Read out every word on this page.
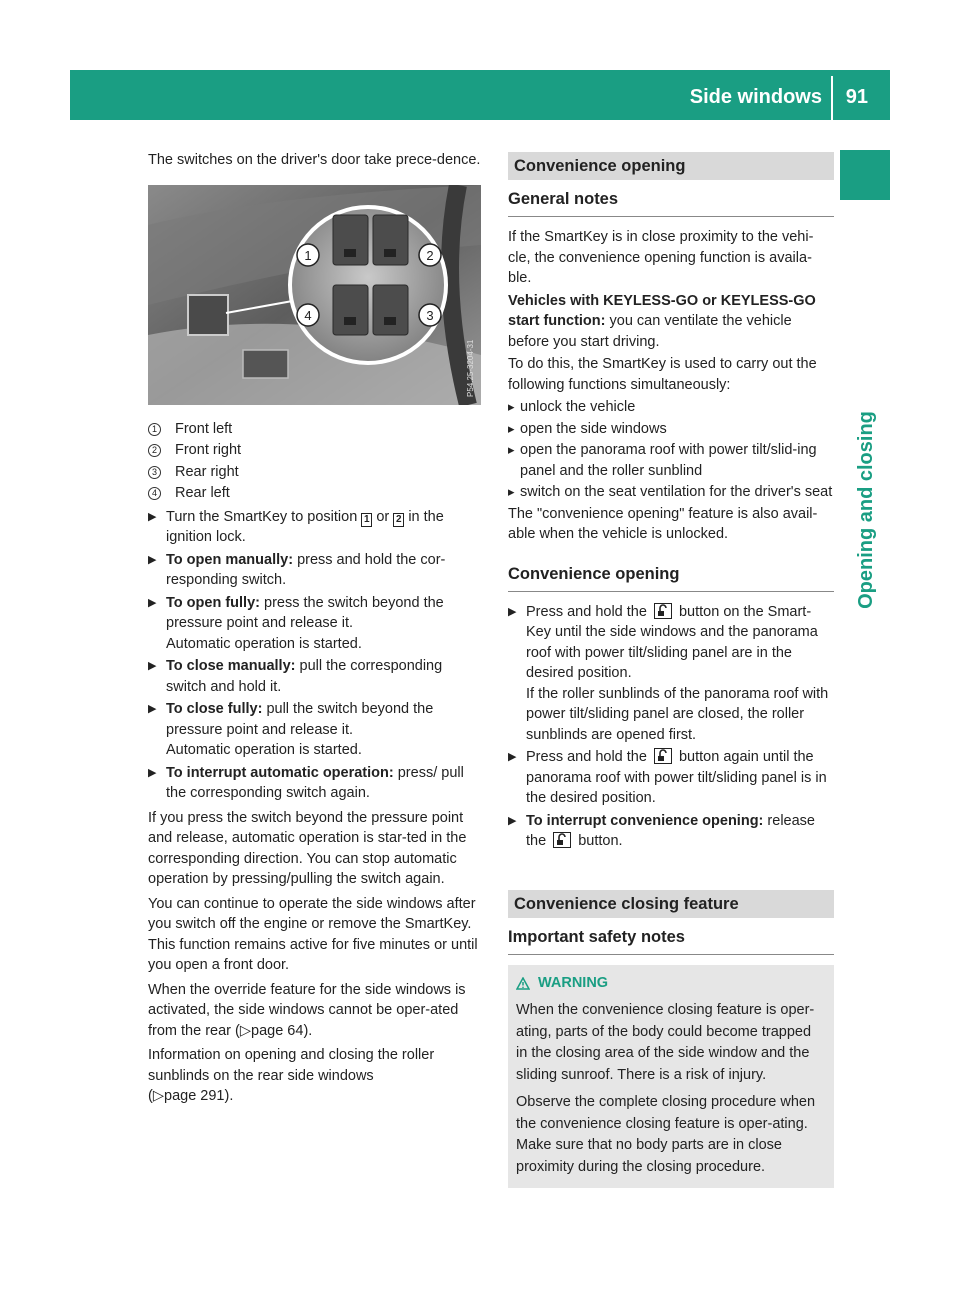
Side windows 91
Opening and closing

The switches on the driver's door take prece-dence.

1	2
3
4
P54.25-3204-31
1	Front left
2	Front right
3	Rear right
4	Rear left
▶ Turn the SmartKey to position 1 or 2 in the ignition lock.
▶ To open manually: press and hold the cor-responding switch.
▶ To open fully: press the switch beyond the pressure point and release it.
Automatic operation is started.
▶ To close manually: pull the corresponding switch and hold it.
▶ To close fully: pull the switch beyond the pressure point and release it.
Automatic operation is started.
▶ To interrupt automatic operation: press/ pull the corresponding switch again.

If you press the switch beyond the pressure point and release, automatic operation is star-ted in the corresponding direction. You can stop automatic operation by pressing/pulling the switch again.

You can continue to operate the side windows after you switch off the engine or remove the SmartKey. This function remains active for five minutes or until you open a front door.

When the override feature for the side windows is activated, the side windows cannot be oper-ated from the rear (▷page 64).

Information on opening and closing the roller sunblinds on the rear side windows
(▷page 291).

Convenience opening
General notes

If the SmartKey is in close proximity to the vehi-cle, the convenience opening function is availa-ble.

Vehicles with KEYLESS-GO or KEYLESS-GO start function: you can ventilate the vehicle before you start driving.

To do this, the SmartKey is used to carry out the following functions simultaneously:

▸ unlock the vehicle
▸ open the side windows
▸ open the panorama roof with power tilt/slid-ing panel and the roller sunblind
▸ switch on the seat ventilation for the driver's seat

The "convenience opening" feature is also avail-able when the vehicle is unlocked.

Convenience opening
▶ Press and hold the button on the Smart-Key until the side windows and the panorama roof with power tilt/sliding panel are in the desired position.
If the roller sunblinds of the panorama roof with power tilt/sliding panel are closed, the roller sunblinds are opened first.
▶ Press and hold the button again until the panorama roof with power tilt/sliding panel is in the desired position.
▶ To interrupt convenience opening: release the button.
Convenience closing feature
Important safety notes
WARNING

When the convenience closing feature is oper-ating, parts of the body could become trapped in the closing area of the side window and the sliding sunroof. There is a risk of injury.

Observe the complete closing procedure when the convenience closing feature is oper-ating. Make sure that no body parts are in close proximity during the closing procedure.
